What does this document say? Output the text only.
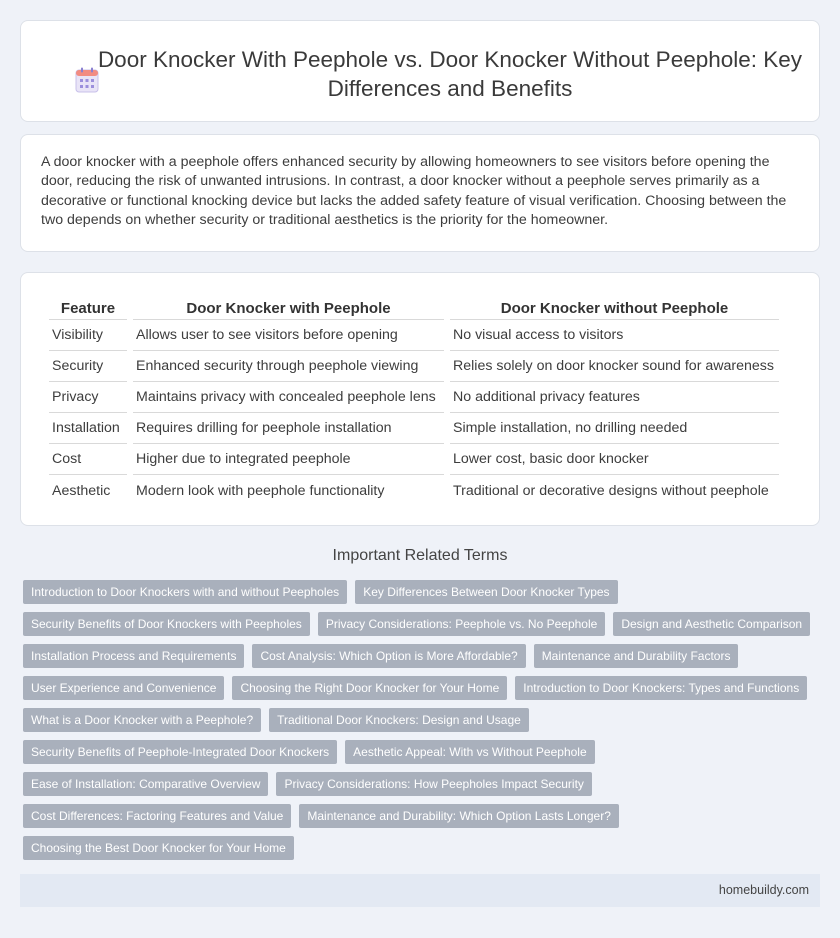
Door Knocker With Peephole vs. Door Knocker Without Peephole: Key Differences and Benefits

A door knocker with a peephole offers enhanced security by allowing homeowners to see visitors before opening the door, reducing the risk of unwanted intrusions. In contrast, a door knocker without a peephole serves primarily as a decorative or functional knocking device but lacks the added safety feature of visual verification. Choosing between the two depends on whether security or traditional aesthetics is the priority for the homeowner.

Feature	Door Knocker with Peephole	Door Knocker without Peephole
Visibility	Allows user to see visitors before opening	No visual access to visitors
Security	Enhanced security through peephole viewing	Relies solely on door knocker sound for awareness
Privacy	Maintains privacy with concealed peephole lens	No additional privacy features
Installation	Requires drilling for peephole installation	Simple installation, no drilling needed
Cost	Higher due to integrated peephole	Lower cost, basic door knocker
Aesthetic	Modern look with peephole functionality	Traditional or decorative designs without peephole
Important Related Terms
Introduction to Door Knockers with and without Peepholes	Key Differences Between Door Knocker Types
Security Benefits of Door Knockers with Peepholes	Privacy Considerations: Peephole vs. No Peephole	Design and Aesthetic Comparison
Installation Process and Requirements	Cost Analysis: Which Option is More Affordable?	Maintenance and Durability Factors
User Experience and Convenience	Choosing the Right Door Knocker for Your Home	Introduction to Door Knockers: Types and Functions
What is a Door Knocker with a Peephole?	Traditional Door Knockers: Design and Usage
Security Benefits of Peephole-Integrated Door Knockers	Aesthetic Appeal: With vs Without Peephole
Ease of Installation: Comparative Overview	Privacy Considerations: How Peepholes Impact Security
Cost Differences: Factoring Features and Value	Maintenance and Durability: Which Option Lasts Longer?
Choosing the Best Door Knocker for Your Home
homebuildy.com
